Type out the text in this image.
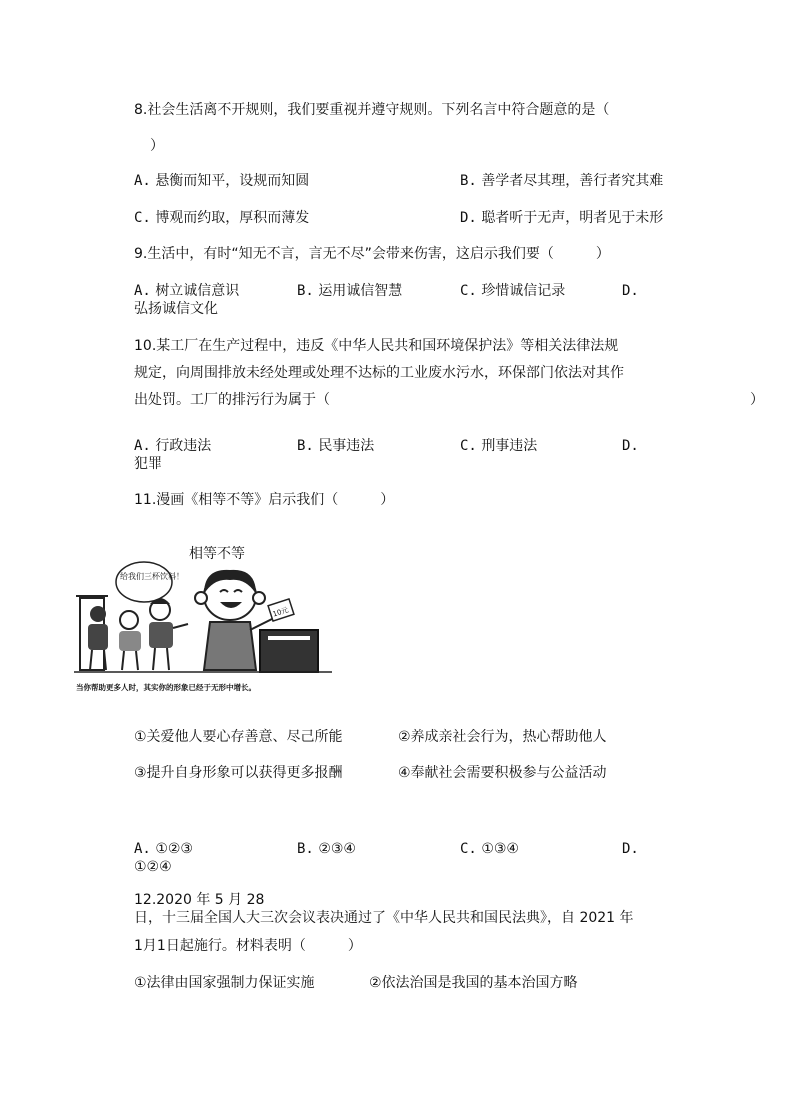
8.社会生活离不开规则，我们要重视并遵守规则。下列名言中符合题意的是（
）
A. 悬衡而知平，设规而知圆	B. 善学者尽其理，善行者究其难
C. 博观而约取，厚积而薄发	D. 聪者听于无声，明者见于未形
9.生活中，有时“知无不言，言无不尽”会带来伤害，这启示我们要（　　　）
A. 树立诚信意识	B. 运用诚信智慧	C. 珍惜诚信记录	D.
弘扬诚信文化
10.某工厂在生产过程中，违反《中华人民共和国环境保护法》等相关法律法规
规定，向周围排放未经处理或处理不达标的工业废水污水，环保部门依法对其作
出处罚。工厂的排污行为属于（	）
A. 行政违法	B. 民事违法	C. 刑事违法	D.
犯罪
11.漫画《相等不等》启示我们（　　　）
相等不等
给我们三杯饮料！
10元
当你帮助更多人时，其实你的形象已经于无形中增长。
①关爱他人要心存善意、尽己所能	②养成亲社会行为，热心帮助他人
③提升自身形象可以获得更多报酬	④奉献社会需要积极参与公益活动
A. ①②③	B. ②③④	C. ①③④	D.
①②④
12.2020 年 5 月 28
日，十三届全国人大三次会议表决通过了《中华人民共和国民法典》，自 2021 年
1月1日起施行。材料表明（　　　）
①法律由国家强制力保证实施	②依法治国是我国的基本治国方略
